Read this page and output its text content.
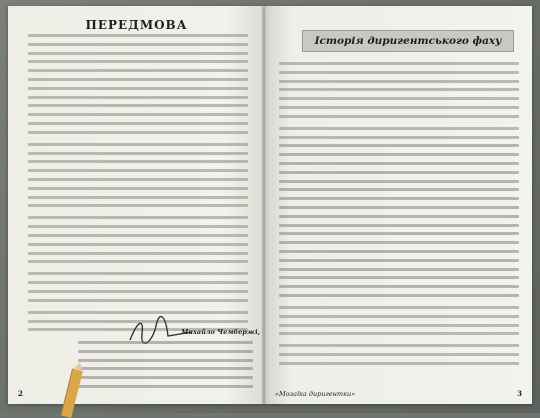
ПЕРЕДМОВА
Михайло Чембержі,
2	«Мозаїка диригентки»	3
Історія диригентського фаху
